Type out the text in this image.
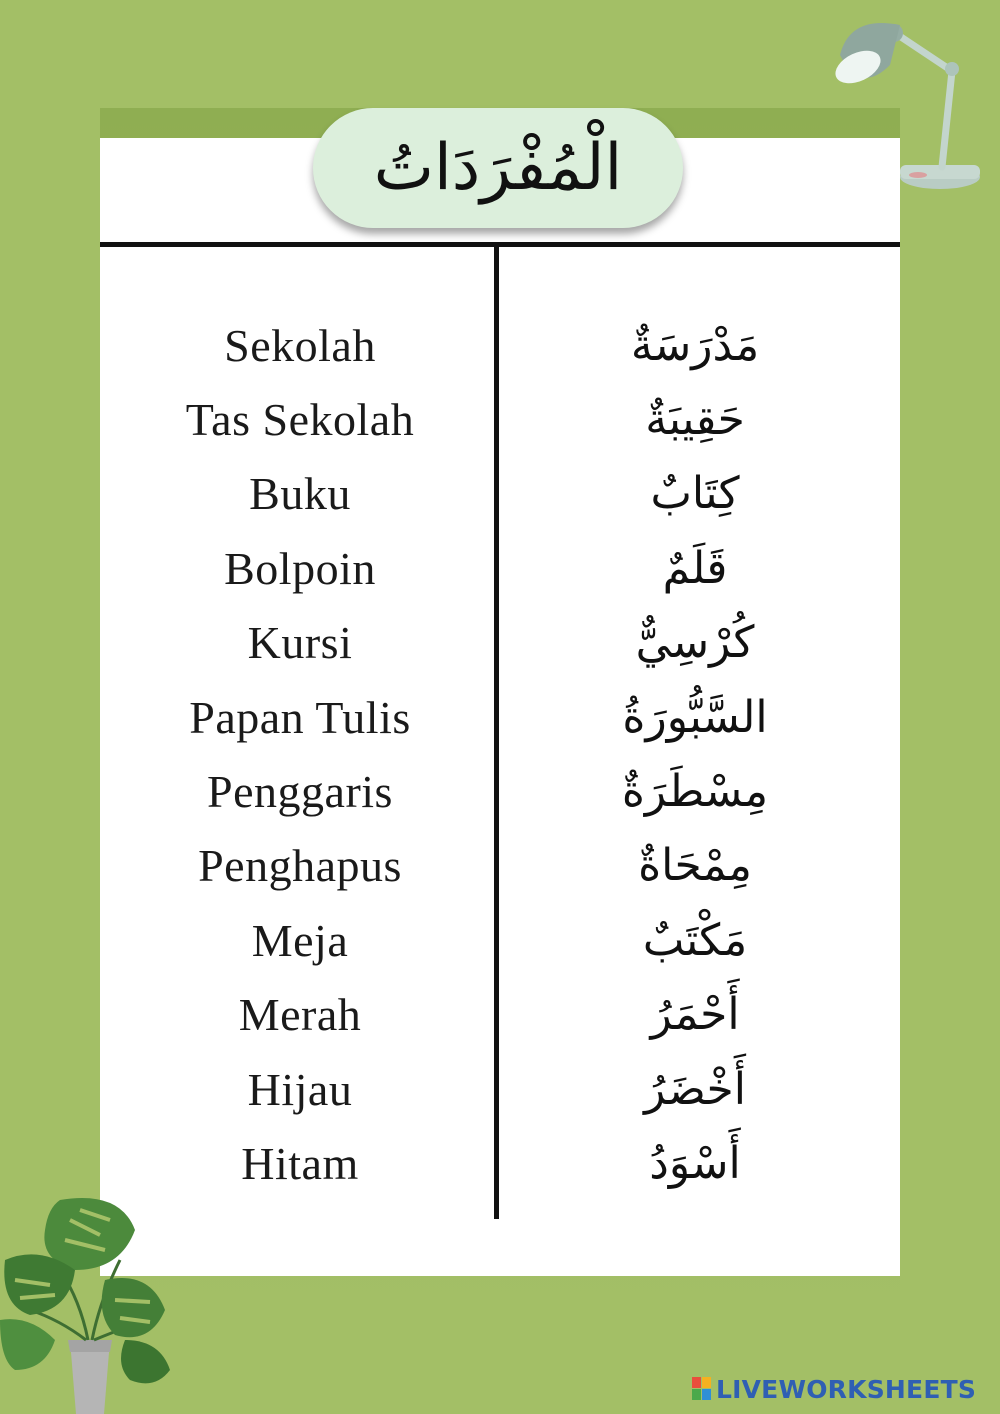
الْمُفْرَدَاتُ
Sekolah
Tas Sekolah
Buku
Bolpoin
Kursi
Papan Tulis
Penggaris
Penghapus
Meja
Merah
Hijau
Hitam
مَدْرَسَةٌ
حَقِيبَةٌ
كِتَابٌ
قَلَمٌ
كُرْسِيٌّ
السَّبُّورَةُ
مِسْطَرَةٌ
مِمْحَاةٌ
مَكْتَبٌ
أَحْمَرُ
أَخْضَرُ
أَسْوَدُ
LIVEWORKSHEETS
